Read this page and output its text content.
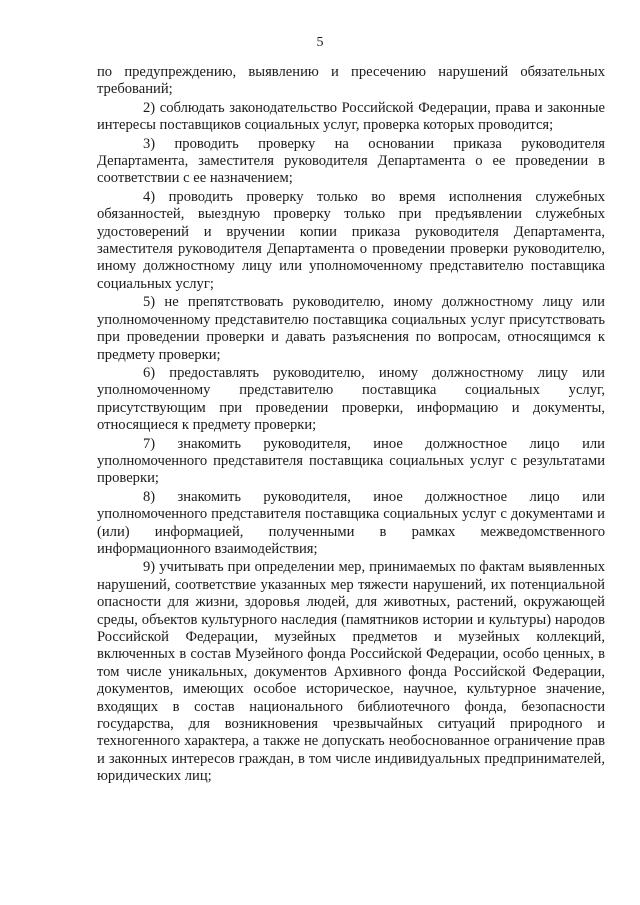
5

по предупреждению, выявлению и пресечению нарушений обязательных требований;

2) соблюдать законодательство Российской Федерации, права и законные интересы поставщиков социальных услуг, проверка которых проводится;

3) проводить проверку на основании приказа руководителя Департамента, заместителя руководителя Департамента о ее проведении в соответствии с ее назначением;

4) проводить проверку только во время исполнения служебных обязанностей, выездную проверку только при предъявлении служебных удостоверений и вручении копии приказа руководителя Департамента, заместителя руководителя Департамента о проведении проверки руководителю, иному должностному лицу или уполномоченному представителю поставщика социальных услуг;

5) не препятствовать руководителю, иному должностному лицу или уполномоченному представителю поставщика социальных услуг присутствовать при проведении проверки и давать разъяснения по вопросам, относящимся к предмету проверки;

6) предоставлять руководителю, иному должностному лицу или уполномоченному представителю поставщика социальных услуг, присутствующим при проведении проверки, информацию и документы, относящиеся к предмету проверки;

7) знакомить руководителя, иное должностное лицо или уполномоченного представителя поставщика социальных услуг с результатами проверки;

8) знакомить руководителя, иное должностное лицо или уполномоченного представителя поставщика социальных услуг с документами и (или) информацией, полученными в рамках межведомственного информационного взаимодействия;

9) учитывать при определении мер, принимаемых по фактам выявленных нарушений, соответствие указанных мер тяжести нарушений, их потенциальной опасности для жизни, здоровья людей, для животных, растений, окружающей среды, объектов культурного наследия (памятников истории и культуры) народов Российской Федерации, музейных предметов и музейных коллекций, включенных в состав Музейного фонда Российской Федерации, особо ценных, в том числе уникальных, документов Архивного фонда Российской Федерации, документов, имеющих особое историческое, научное, культурное значение, входящих в состав национального библиотечного фонда, безопасности государства, для возникновения чрезвычайных ситуаций природного и техногенного характера, а также не допускать необоснованное ограничение прав и законных интересов граждан, в том числе индивидуальных предпринимателей, юридических лиц;
